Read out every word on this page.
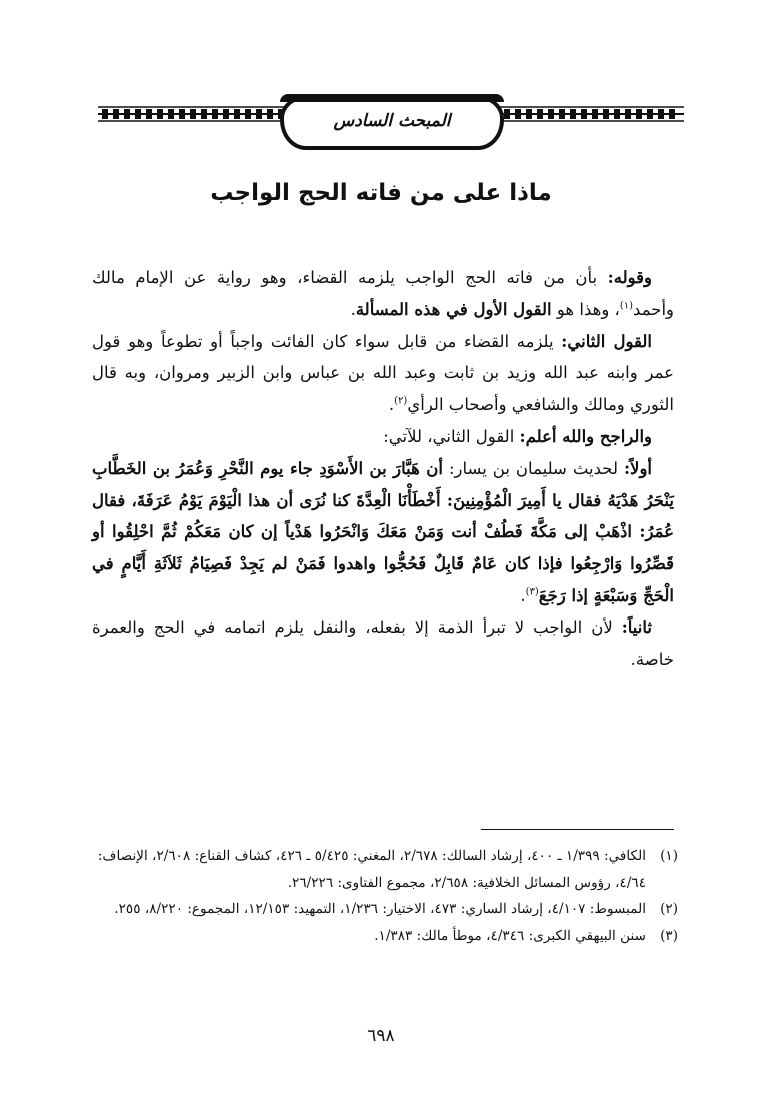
المبحث السادس
ماذا على من فاته الحج الواجب

وقوله: بأن من فاته الحج الواجب يلزمه القضاء، وهو رواية عن الإمام مالك وأحمد$^{(١)}$، وهذا هو القول الأول في هذه المسألة.

القول الثاني: يلزمه القضاء من قابل سواء كان الفائت واجباً أو تطوعاً وهو قول عمر وابنه عبد الله وزيد بن ثابت وعبد الله بن عباس وابن الزبير ومروان، وبه قال الثوري ومالك والشافعي وأصحاب الرأي$^{(٢)}$.

والراجح والله أعلم: القول الثاني، للآتي:

أولاً: لحديث سليمان بن يسار: أن هَبَّارَ بن الأَسْوَدِ جاء يوم النَّحْرِ وَعُمَرُ بن الخَطَّابِ يَنْحَرُ هَدْيَهُ فقال يا أَمِيرَ الْمُؤْمِنِينَ: أَخْطَأْنَا الْعِدَّةَ كنا نُرَى أن هذا الْيَوْمَ يَوْمُ عَرَفَةَ، فقال عُمَرُ: اذْهَبْ إلى مَكَّةَ فَطُفْ أنت وَمَنْ مَعَكَ وَانْحَرُوا هَدْياً إن كان مَعَكُمْ ثُمَّ احْلِقُوا أو قَصِّرُوا وَارْجِعُوا فإذا كان عَامٌ قَابِلٌ فَحُجُّوا واهدوا فَمَنْ لم يَجِدْ فَصِيَامُ ثَلاَثَةِ أَيَّامٍ في الْحَجِّ وَسَبْعَةٍ إذا رَجَعَ$^{(٣)}$.

ثانياً: لأن الواجب لا تبرأ الذمة إلا بفعله، والنفل يلزم اتمامه في الحج والعمرة خاصة.

(١)
الكافي: ١/٣٩٩ ـ ٤٠٠، إرشاد السالك: ٢/٦٧٨، المغني: ٥/٤٢٥ ـ ٤٢٦، كشاف القناع: ٢/٦٠٨، الإنصاف: ٤/٦٤، رؤوس المسائل الخلافية: ٢/٦٥٨، مجموع الفتاوى: ٢٦/٢٢٦.
(٢)
المبسوط: ٤/١٠٧، إرشاد الساري: ٤٧٣، الاختيار: ١/٢٣٦، التمهيد: ١٢/١٥٣، المجموع: ٨/٢٢٠، ٢٥٥.
(٣)
سنن البيهقي الكبرى: ٤/٣٤٦، موطأ مالك: ١/٣٨٣.
٦٩٨
